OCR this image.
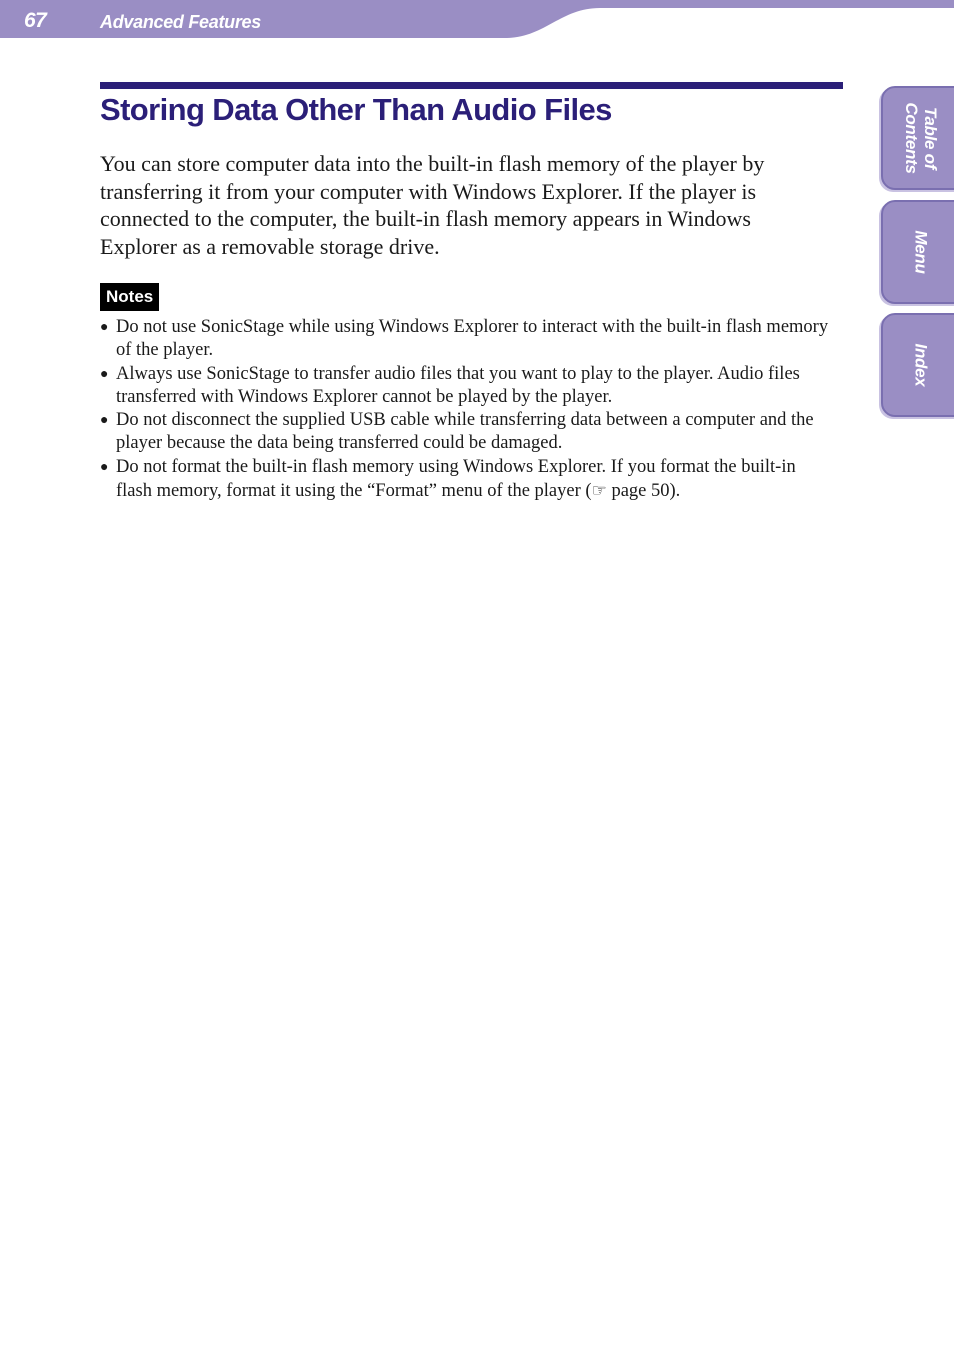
67	Advanced Features
Storing Data Other Than Audio Files

You can store computer data into the built-in flash memory of the player by transferring it from your computer with Windows Explorer. If the player is connected to the computer, the built-in flash memory appears in Windows Explorer as a removable storage drive.

Notes
● Do not use SonicStage while using Windows Explorer to interact with the built-in flash memory of the player.
● Always use SonicStage to transfer audio files that you want to play to the player. Audio files transferred with Windows Explorer cannot be played by the player.
● Do not disconnect the supplied USB cable while transferring data between a computer and the player because the data being transferred could be damaged.
● Do not format the built-in flash memory using Windows Explorer. If you format the built-in flash memory, format it using the “Format” menu of the player (☞ page 50).
Table of Contents
Menu
Index
